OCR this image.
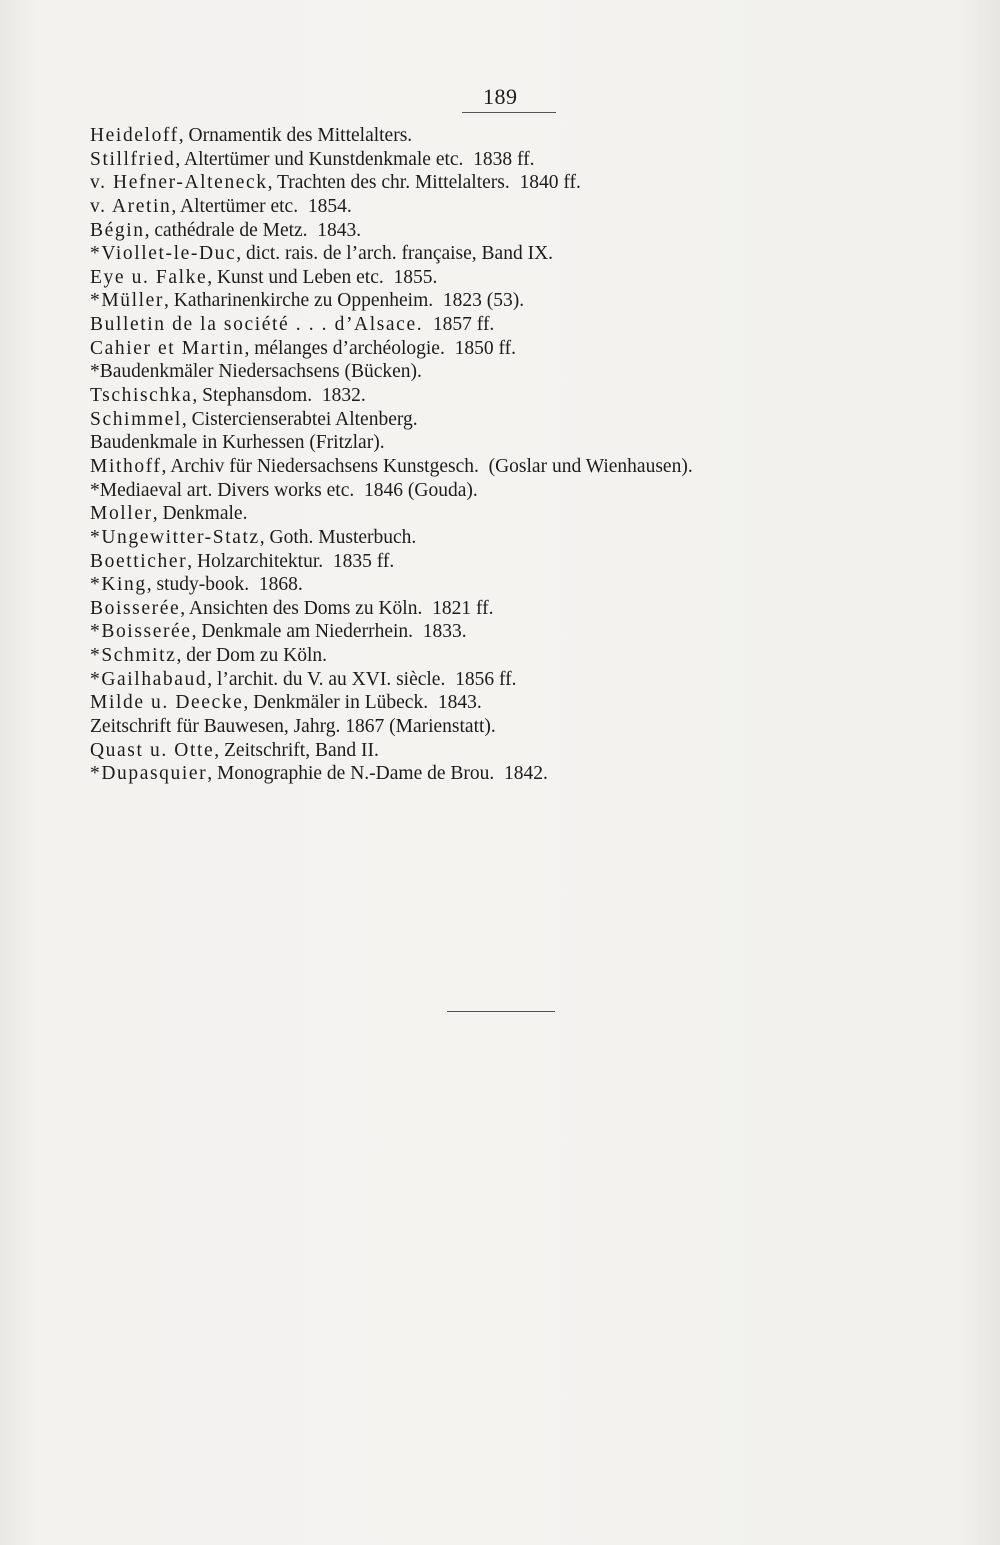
189
Heideloff, Ornamentik des Mittelalters.
Stillfried, Altertümer und Kunstdenkmale etc.  1838 ff.
v. Hefner-Alteneck, Trachten des chr. Mittelalters.  1840 ff.
v. Aretin, Altertümer etc.  1854.
Bégin, cathédrale de Metz.  1843.
*Viollet-le-Duc, dict. rais. de l’arch. française, Band IX.
Eye u. Falke, Kunst und Leben etc.  1855.
*Müller, Katharinenkirche zu Oppenheim.  1823 (53).
Bulletin de la société . . . d’Alsace.  1857 ff.
Cahier et Martin, mélanges d’archéologie.  1850 ff.
*Baudenkmäler Niedersachsens (Bücken).
Tschischka, Stephansdom.  1832.
Schimmel, Cistercienserabtei Altenberg.
Baudenkmale in Kurhessen (Fritzlar).
Mithoff, Archiv für Niedersachsens Kunstgesch.  (Goslar und Wienhausen).
*Mediaeval art. Divers works etc.  1846 (Gouda).
Moller, Denkmale.
*Ungewitter-Statz, Goth. Musterbuch.
Boetticher, Holzarchitektur.  1835 ff.
*King, study-book.  1868.
Boisserée, Ansichten des Doms zu Köln.  1821 ff.
*Boisserée, Denkmale am Niederrhein.  1833.
*Schmitz, der Dom zu Köln.
*Gailhabaud, l’archit. du V. au XVI. siècle.  1856 ff.
Milde u. Deecke, Denkmäler in Lübeck.  1843.
Zeitschrift für Bauwesen, Jahrg. 1867 (Marienstatt).
Quast u. Otte, Zeitschrift, Band II.
*Dupasquier, Monographie de N.-Dame de Brou.  1842.
